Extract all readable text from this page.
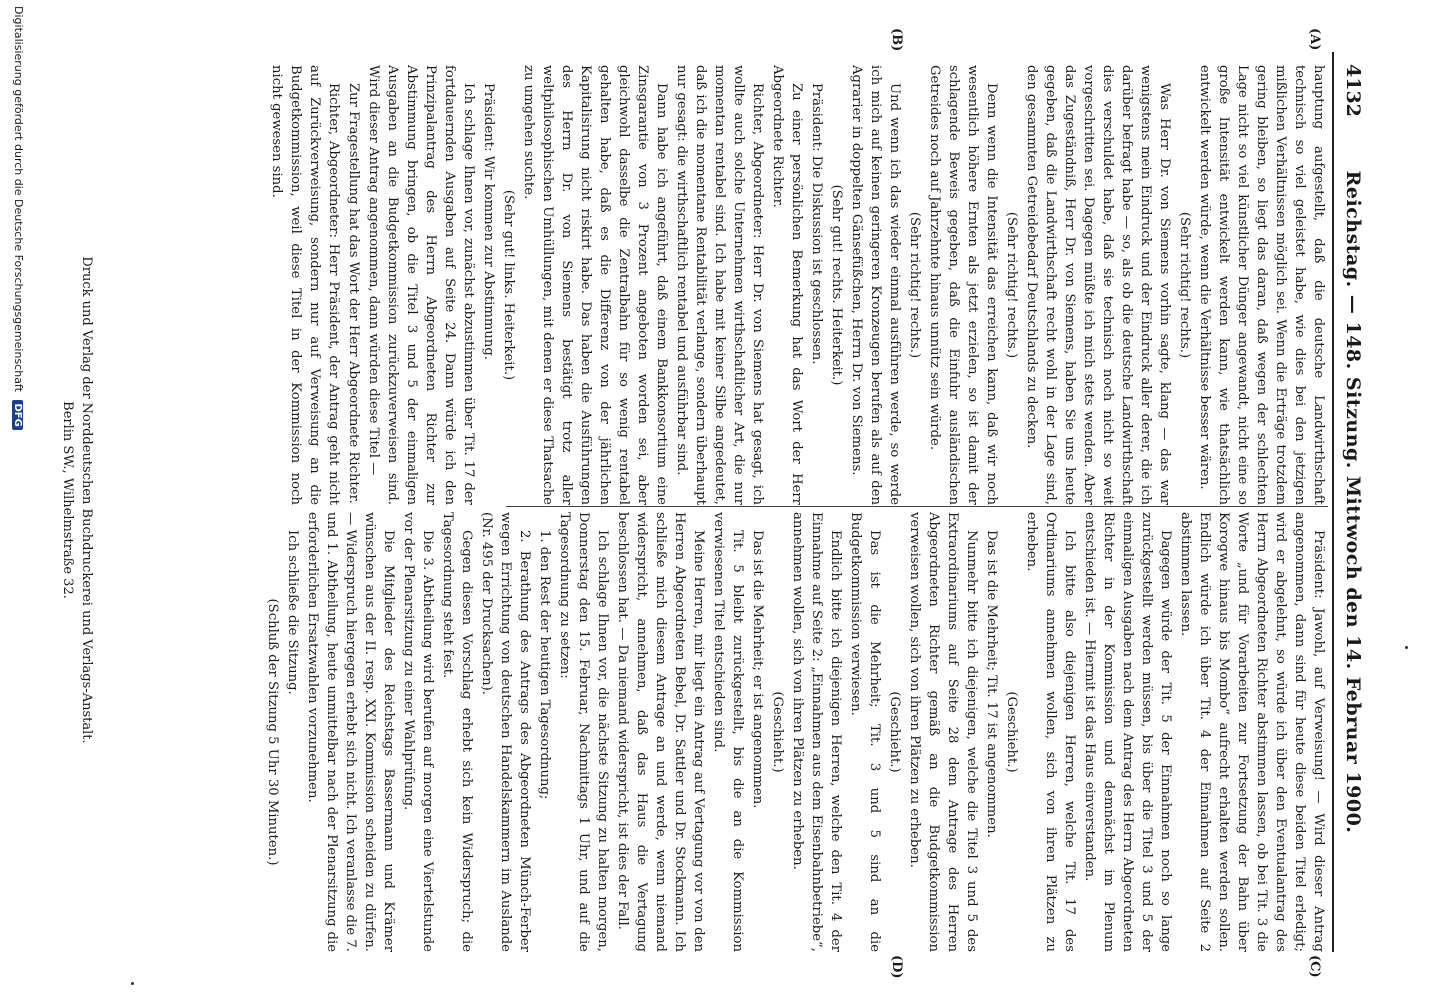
4132
Reichstag. — 148. Sitzung. Mittwoch den 14. Februar 1900.
(A)
(B)
(C)
(D)

hauptung aufgestellt, daß die deutsche Landwirthschaft technisch so viel geleistet habe, wie dies bei den jetzigen mißlichen Verhältnissen möglich sei. Wenn die Erträge trotzdem gering bleiben, so liegt das daran, daß wegen der schlechten Lage nicht so viel künstlicher Dünger angewandt, nicht eine so große Intensität entwickelt werden kann, wie thatsächlich entwickelt werden würde, wenn die Verhältnisse besser wären.

(Sehr richtig! rechts.)

Was Herr Dr. von Siemens vorhin sagte, klang — das war wenigstens mein Eindruck und der Eindruck aller derer, die ich darüber befragt habe — so, als ob die deutsche Landwirthschaft dies verschuldet habe, daß sie technisch noch nicht so weit vorgeschritten sei. Dagegen müßte ich mich stets wenden. Aber das Zugeständniß, Herr Dr. von Siemens, haben Sie uns heute gegeben, daß die Landwirthschaft recht wohl in der Lage sind, den gesammten Getreidebedarf Deutschlands zu decken.

(Sehr richtig! rechts.)

Denn wenn die Intensität das erreichen kann, daß wir noch wesentlich höhere Ernten als jetzt erzielen, so ist damit der schlagende Beweis gegeben, daß die Einfuhr ausländischen Getreides noch auf Jahrzehnte hinaus unnütz sein würde.

(Sehr richtig! rechts.)

Und wenn ich das wieder einmal ausführen werde, so werde ich mich auf keinen geringeren Kronzeugen berufen als auf den Agrarier in doppelten Gänsefüßchen, Herrn Dr. von Siemens.

(Sehr gut! rechts. Heiterkeit.)

Präsident: Die Diskussion ist geschlossen.

Zu einer persönlichen Bemerkung hat das Wort der Herr Abgeordnete Richter.

Richter, Abgeordneter: Herr Dr. von Siemens hat gesagt, ich wollte auch solche Unternehmen wirthschaftlicher Art, die nur momentan rentabel sind. Ich habe mit keiner Silbe angedeutet, daß ich die momentane Rentabilität verlange, sondern überhaupt nur gesagt: die wirthschaftlich rentabel und ausführbar sind.

Dann habe ich angeführt, daß einem Bankkonsortium eine Zinsgarantie von 3 Prozent angeboten worden sei, aber gleichwohl dasselbe die Zentralbahn für so wenig rentabel gehalten habe, daß es die Differenz von der jährlichen Kapitalisirung nicht riskirt habe. Das haben die Ausführungen des Herrn Dr. von Siemens bestätigt trotz aller weltphilosophischen Umhüllungen, mit denen er diese Thatsache zu umgehen suchte.

(Sehr gut! links. Heiterkeit.)

Präsident: Wir kommen zur Abstimmung.

Ich schlage Ihnen vor, zunächst abzustimmen über Tit. 17 der fortdauernden Ausgaben auf Seite 24. Dann würde ich den Prinzipalantrag des Herrn Abgeordneten Richter zur Abstimmung bringen, ob die Titel 3 und 5 der einmaligen Ausgaben an die Budgetkommission zurückzuverweisen sind. Wird dieser Antrag angenommen, dann würden diese Titel —

Zur Fragestellung hat das Wort der Herr Abgeordnete Richter.

Richter, Abgeordneter: Herr Präsident, der Antrag geht nicht auf Zurückverweisung, sondern nur auf Verweisung an die Budgetkommission, weil diese Titel in der Kommission noch nicht gewesen sind.

Präsident: Jawohl, auf Verweisung! — Wird dieser Antrag angenommen, dann sind für heute diese beiden Titel erledigt; wird er abgelehnt, so würde ich über den Eventualantrag des Herrn Abgeordneten Richter abstimmen lassen, ob bei Tit. 3 die Worte „und für Vorarbeiten zur Fortsetzung der Bahn über Korogwe hinaus bis Mombo“ aufrecht erhalten werden sollen. Endlich würde ich über Tit. 4 der Einnahmen auf Seite 2 abstimmen lassen.

Dagegen würde der Tit. 5 der Einnahmen noch so lange zurückgestellt werden müssen, bis über die Titel 3 und 5 der einmaligen Ausgaben nach dem Antrag des Herrn Abgeordneten Richter in der Kommission und demnächst im Plenum entschieden ist. — Hiermit ist das Haus einverstanden.

Ich bitte also diejenigen Herren, welche Tit. 17 des Ordinariums annehmen wollen, sich von ihren Plätzen zu erheben.

(Geschieht.)

Das ist die Mehrheit; Tit. 17 ist angenommen.

Nunmehr bitte ich diejenigen, welche die Titel 3 und 5 des Extraordinariums auf Seite 28 dem Antrage des Herren Abgeordneten Richter gemäß an die Budgetkommission verweisen wollen, sich von ihren Plätzen zu erheben.

(Geschieht.)

Das ist die Mehrheit; Tit. 3 und 5 sind an die Budgetkommission verwiesen.

Endlich bitte ich diejenigen Herren, welche den Tit. 4 der Einnahme auf Seite 2: „Einnahmen aus dem Eisenbahnbetriebe“, annehmen wollen, sich von ihren Plätzen zu erheben.

(Geschieht.)

Das ist die Mehrheit; er ist angenommen.

Tit. 5 bleibt zurückgestellt, bis die an die Kommission verwiesenen Titel entschieden sind.

Meine Herren, mir liegt ein Antrag auf Vertagung vor von den Herren Abgeordneten Bebel, Dr. Sattler und Dr. Stockmann. Ich schließe mich diesem Antrage an und werde, wenn niemand widerspricht, annehmen, daß das Haus die Vertagung beschlossen hat. — Da niemand widerspricht, ist dies der Fall.

Ich schlage Ihnen vor, die nächste Sitzung zu halten morgen, Donnerstag den 15. Februar, Nachmittags 1 Uhr, und auf die Tagesordnung zu setzen:

1. den Rest der heutigen Tagesordnung;

2. Berathung des Antrags des Abgeordneten Münch-Ferber wegen Errichtung von deutschen Handelskammern im Auslande (Nr. 495 der Drucksachen).

Gegen diesen Vorschlag erhebt sich kein Widerspruch; die Tagesordnung steht fest.

Die 3. Abtheilung wird berufen auf morgen eine Viertelstunde vor der Plenarsitzung zu einer Wahlprüfung.

Die Mitglieder des Reichstags Bassermann und Krämer wünschen aus der II. resp. XXI. Kommission scheiden zu dürfen. — Widerspruch hiergegen erhebt sich nicht. Ich veranlasse die 7. und 1. Abtheilung, heute unmittelbar nach der Plenarsitzung die erforderlichen Ersatzwahlen vorzunehmen.

Ich schließe die Sitzung.

(Schluß der Sitzung 5 Uhr 30 Minuten.)

Druck und Verlag der Norddeutschen Buchdruckerei und Verlags-Anstalt.
Berlin SW., Wilhelmstraße 32.
Digitalisierung gefördert durch die Deutsche Forschungsgemeinschaft DFG
